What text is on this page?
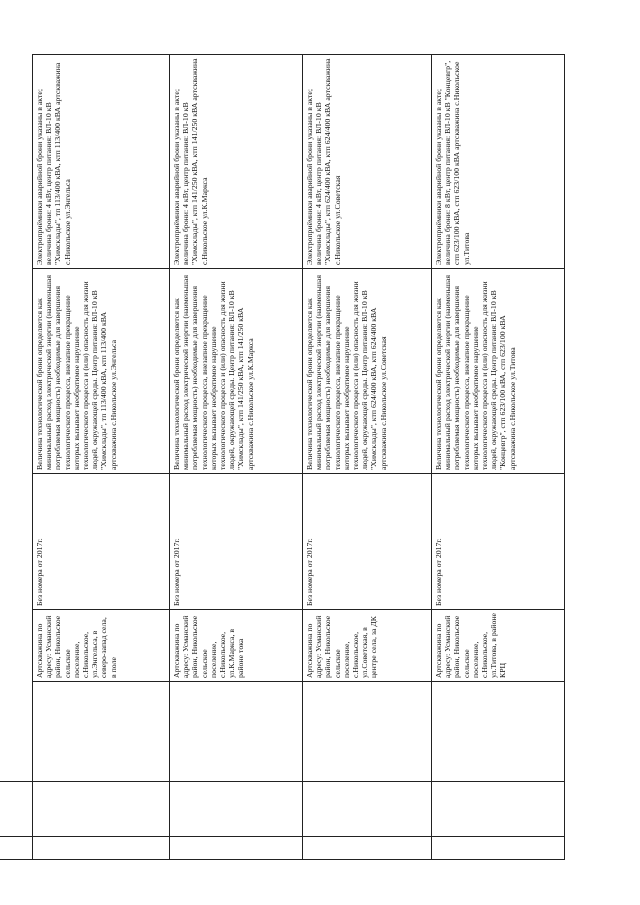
		Артскважина по адресу: Усманский район, Никольское сельское поселение, с.Никольское, ул.Энгельса, в северо-запад села, в поле	Без номера от 2017г.	Величина технологической брони определяется как минимальный расход электрической энергии (наименьшая потребляемая мощность) необходимые для завершения технологического процесса, внезапное прекращение которых вызывает необратимое нарушение технологического процесса и (или) опасность для жизни людей, окружающей среды. Центр питания: ВЛ-10 кВ "Химсклады", тп 113/400 кВА, ктп 113/400 кВА артскважина с.Никольское ул.Энгельса	Электроприёмники аварийной брони указаны в акте; величина брони: 4 кВт, центр питания: ВЛ-10 кВ "Химсклады", тп 113/400 кВА, ктп 113/400 кВА артскважина с.Никольское ул.Энгельса
		Артскважина по адресу: Усманский район, Никольское сельское поселение, с.Никольское, ул.К.Маркса, в районе тока	Без номера от 2017г.	Величина технологической брони определяется как минимальный расход электрической энергии (наименьшая потребляемая мощность) необходимые для завершения технологического процесса, внезапное прекращение которых вызывает необратимое нарушение технологического процесса и (или) опасность для жизни людей, окружающей среды. Центр питания: ВЛ-10 кВ "Химсклады", ктп 141/250 кВА, ктп 141/250 кВА артскважина с.Никольское ул.К.Маркса	Электроприёмники аварийной брони указаны в акте; величина брони: 4 кВт, центр питания: ВЛ-10 кВ "Химсклады", ктп 141/250 кВА, ктп 141/250 кВА артскважина с.Никольское ул.К.Маркса
		Артскважина по адресу: Усманский район, Никольское сельское поселение, с.Никольское, ул.Советская, в центре села, за ДК	Без номера от 2017г.	Величина технологической брони определяется как минимальный расход электрической энергии (наименьшая потребляемая мощность) необходимые для завершения технологического процесса, внезапное прекращение которых вызывает необратимое нарушение технологического процесса и (или) опасность для жизни людей, окружающей среды. Центр питания: ВЛ-10 кВ "Химсклады", ктп 624/400 кВА, ктп 624/400 кВА артскважина с.Никольское ул.Советская	Электроприёмники аварийной брони указаны в акте; величина брони: 4 кВт, центр питания: ВЛ-10 кВ "Химсклады", ктп 624/400 кВА, ктп 624/400 кВА артскважина с.Никольское ул.Советская
		Артскважина по адресу: Усманский район, Никольское сельское поселение, с.Никольское, ул.Титова, в районе КРЦ	Без номера от 2017г.	Величина технологической брони определяется как минимальный расход электрической энергии (наименьшая потребляемая мощность) необходимые для завершения технологического процесса, внезапное прекращение которых вызывает необратимое нарушение технологического процесса и (или) опасность для жизни людей, окружающей среды. Центр питания: ВЛ-10 кВ "Концевгр", стп 623/100 кВА, стп 623/100 кВА артскважина с.Никольское ул.Титова	Электроприёмники аварийной брони указаны в акте; величина брони: 8 кВт, центр питания: ВЛ-10 кВ "Концевгр", стп 623/100 кВА, стп 623/100 кВА артскважина с.Никольское ул.Титова
